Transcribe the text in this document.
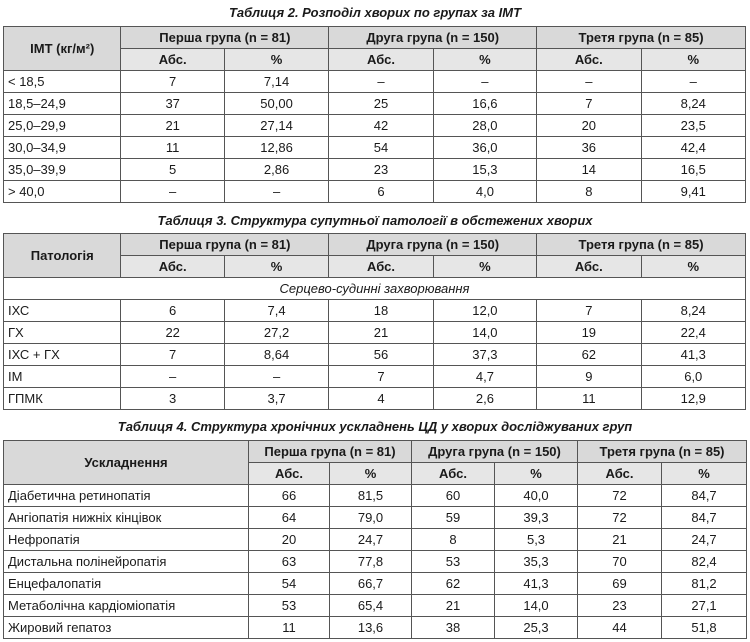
Таблиця 2. Розподіл хворих по групах за ІМТ
ІМТ (кг/м²)	Перша група (n = 81)		Друга група (n = 150)		Третя група (n = 85)	
	Абс.	%	Абс.	%	Абс.	%
< 18,5	7	7,14	–	–	–	–
18,5–24,9	37	50,00	25	16,6	7	8,24
25,0–29,9	21	27,14	42	28,0	20	23,5
30,0–34,9	11	12,86	54	36,0	36	42,4
35,0–39,9	5	2,86	23	15,3	14	16,5
> 40,0	–	–	6	4,0	8	9,41
Таблиця 3. Структура супутньої патології в обстежених хворих
Патологія	Перша група (n = 81)		Друга група (n = 150)		Третя група (n = 85)	
	Абс.	%	Абс.	%	Абс.	%
Серцево-судинні захворювання						
ІХС	6	7,4	18	12,0	7	8,24
ГХ	22	27,2	21	14,0	19	22,4
ІХС + ГХ	7	8,64	56	37,3	62	41,3
ІМ	–	–	7	4,7	9	6,0
ГПМК	3	3,7	4	2,6	11	12,9
Таблиця 4. Структура хронічних ускладнень ЦД у хворих досліджуваних груп
Ускладнення	Перша група (n = 81)		Друга група (n = 150)		Третя група (n = 85)	
	Абс.	%	Абс.	%	Абс.	%
Діабетична ретинопатія	66	81,5	60	40,0	72	84,7
Ангіопатія нижніх кінцівок	64	79,0	59	39,3	72	84,7
Нефропатія	20	24,7	8	5,3	21	24,7
Дистальна полінейропатія	63	77,8	53	35,3	70	82,4
Енцефалопатія	54	66,7	62	41,3	69	81,2
Метаболічна кардіоміопатія	53	65,4	21	14,0	23	27,1
Жировий гепатоз	11	13,6	38	25,3	44	51,8
